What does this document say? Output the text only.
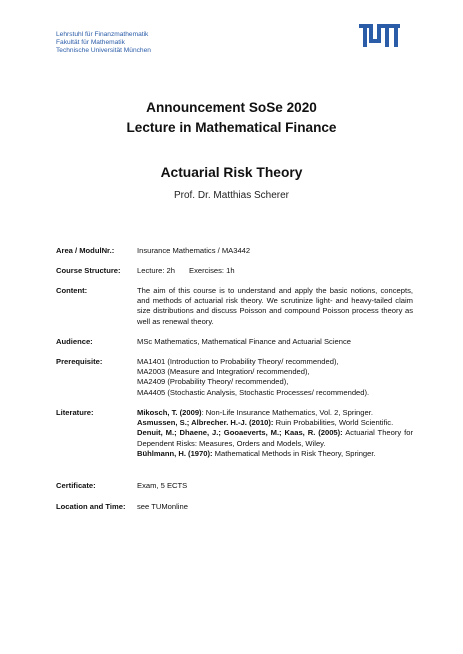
Lehrstuhl für Finanzmathematik
Fakultät für Mathematik
Technische Universität München
Announcement SoSe 2020
Lecture in Mathematical Finance
Actuarial Risk Theory
Prof. Dr. Matthias Scherer
Area / ModulNr.:	Insurance Mathematics / MA3442
Course Structure: Lecture: 2h Exercises: 1h
Content:	The aim of this course is to understand and apply the basic notions, concepts, and methods of actuarial risk theory. We scrutinize light- and heavy-tailed claim size distributions and discuss Poisson and compound Poisson process theory as well as renewal theory.
Audience:	MSc Mathematics, Mathematical Finance and Actuarial Science
Prerequisite:	MA1401 (Introduction to Probability Theory/ recommended),
MA2003 (Measure and Integration/ recommended),
MA2409 (Probability Theory/ recommended),
MA4405 (Stochastic Analysis, Stochastic Processes/ recommended).
Literature:	Mikosch, T. (2009): Non-Life Insurance Mathematics, Vol. 2, Springer.
Asmussen, S.; Albrecher. H.-J. (2010): Ruin Probabilities, World Scientific.
Denuit, M.; Dhaene, J.; Gooaeverts, M.; Kaas, R. (2005): Actuarial Theory for Dependent Risks: Measures, Orders and Models, Wiley.
Bühlmann, H. (1970): Mathematical Methods in Risk Theory, Springer.
Certificate:	Exam, 5 ECTS
Location and Time: see TUMonline
